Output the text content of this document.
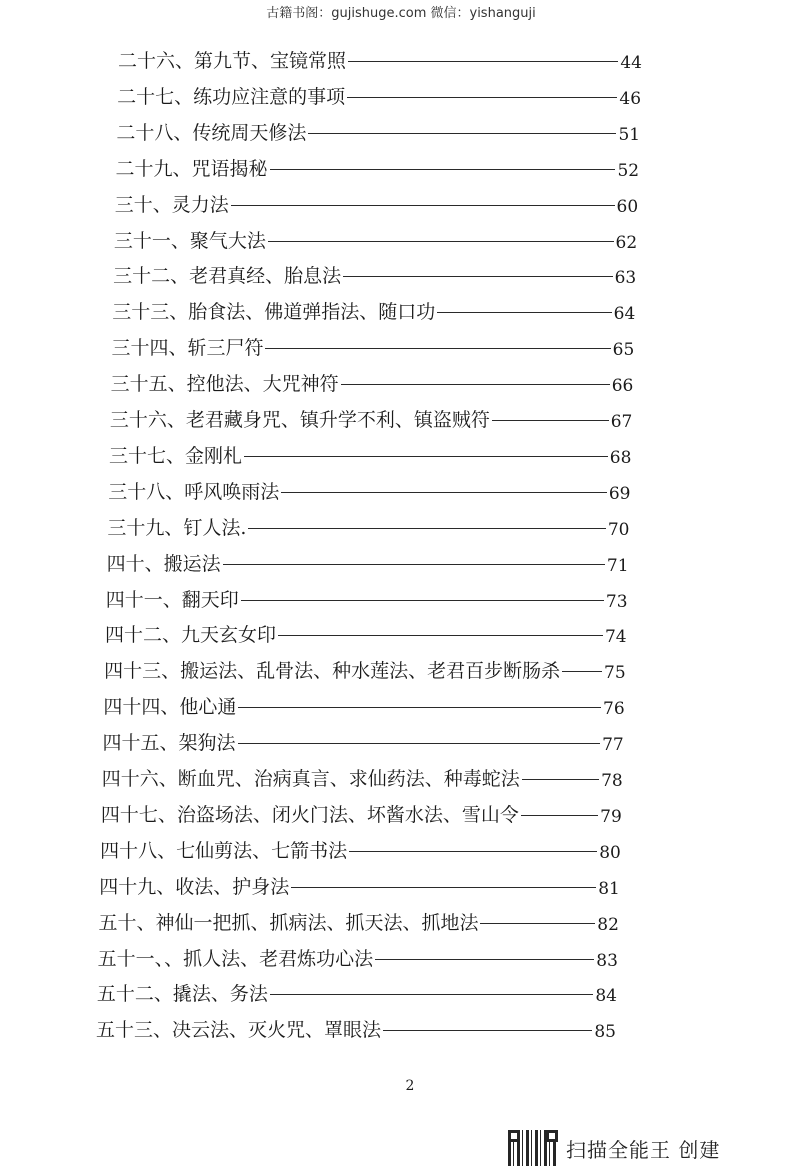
古籍书阁：gujishuge.com 微信：yishanguji
二十六、第九节、宝镜常照	44
二十七、练功应注意的事项	46
二十八、传统周天修法	51
二十九、咒语揭秘	52
三十、灵力法	60
三十一、聚气大法	62
三十二、老君真经、胎息法	63
三十三、胎食法、佛道弹指法、随口功	64
三十四、斩三尸符	65
三十五、控他法、大咒神符	66
三十六、老君藏身咒、镇升学不利、镇盗贼符	67
三十七、金刚札	68
三十八、呼风唤雨法	69
三十九、钉人法.	70
四十、搬运法	71
四十一、翻天印	73
四十二、九天玄女印	74
四十三、搬运法、乱骨法、种水莲法、老君百步断肠杀	75
四十四、他心通	76
四十五、架狗法	77
四十六、断血咒、治病真言、求仙药法、种毒蛇法	78
四十七、治盗场法、闭火门法、坏酱水法、雪山令	79
四十八、七仙剪法、七箭书法	80
四十九、收法、护身法	81
五十、神仙一把抓、抓病法、抓天法、抓地法	82
五十一、、抓人法、老君炼功心法	83
五十二、撬法、务法	84
五十三、决云法、灭火咒、罩眼法	85
2
扫描全能王 创建
